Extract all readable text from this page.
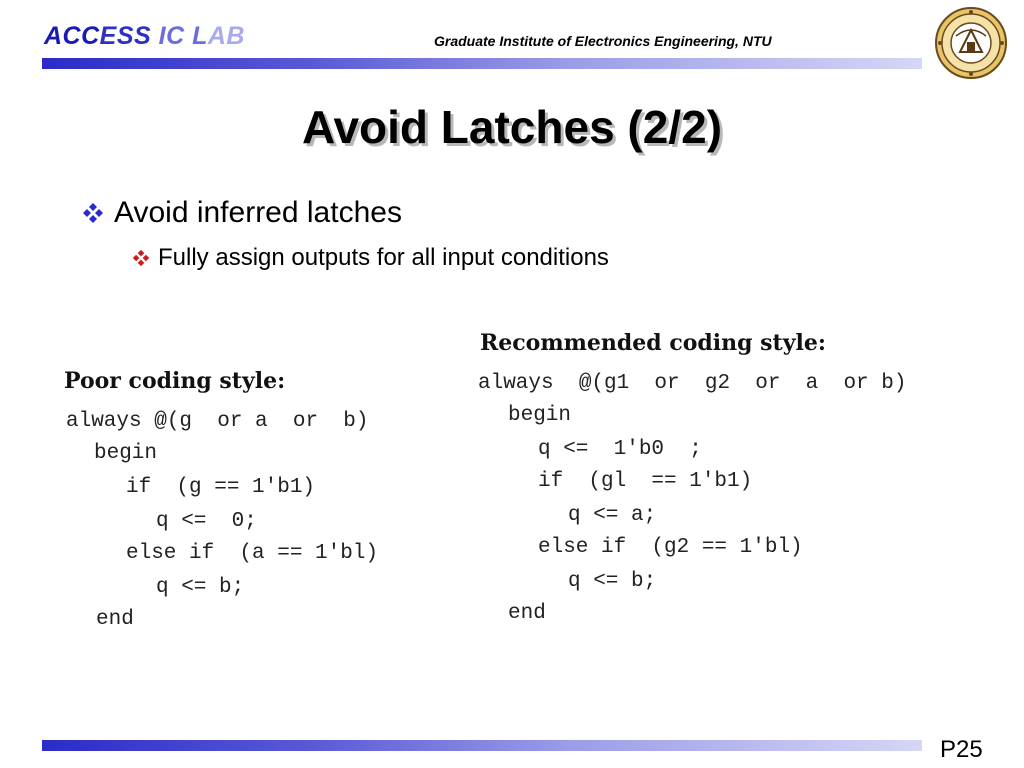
ACCESS IC LAB	Graduate Institute of Electronics Engineering, NTU
Avoid Latches (2/2)
Avoid inferred latches
Fully assign outputs for all input conditions
Poor coding style:

always @(g  or a  or  b)

begin

if  (g == 1'b1)

q <=  0;

else if  (a == 1'bl)

q <= b;

end

Recommended coding style:

always  @(g1  or  g2  or  a  or b)

begin

q <=  1'b0  ;

if  (gl  == 1'b1)

q <= a;

else if  (g2 == 1'bl)

q <= b;

end

P25
